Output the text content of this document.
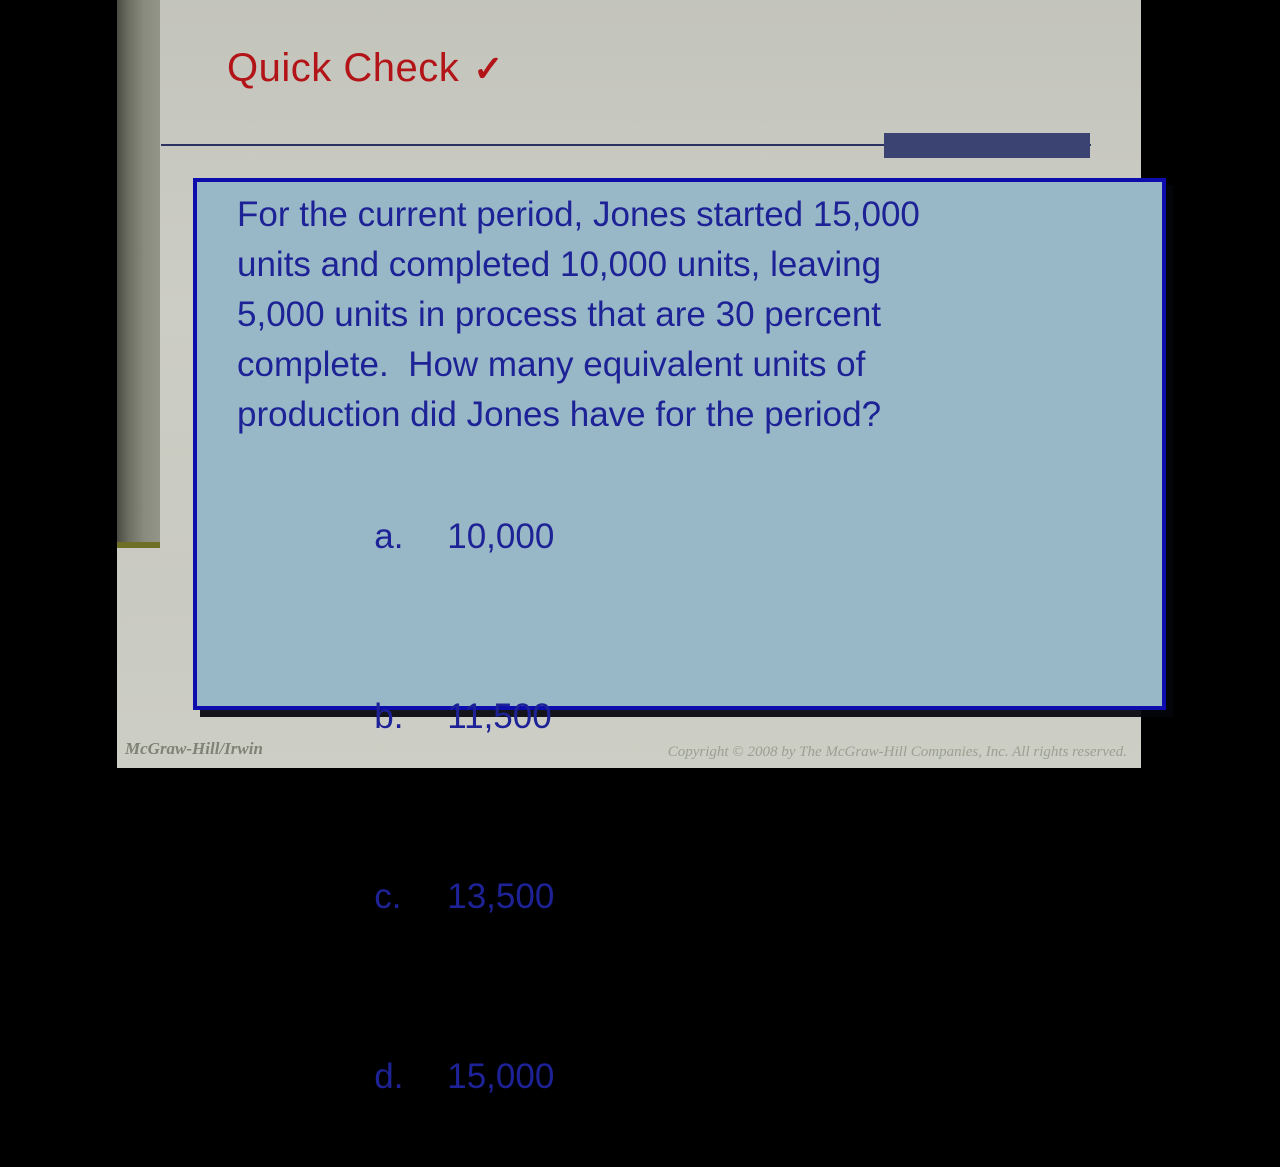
Quick Check ✓
For the current period, Jones started 15,000
units and completed 10,000 units, leaving
5,000 units in process that are 30 percent
complete.  How many equivalent units of
production did Jones have for the period?

a. 10,000

b. 11,500

c. 13,500

d. 15,000

McGraw-Hill/Irwin	Copyright © 2008 by The McGraw-Hill Companies, Inc. All rights reserved.
